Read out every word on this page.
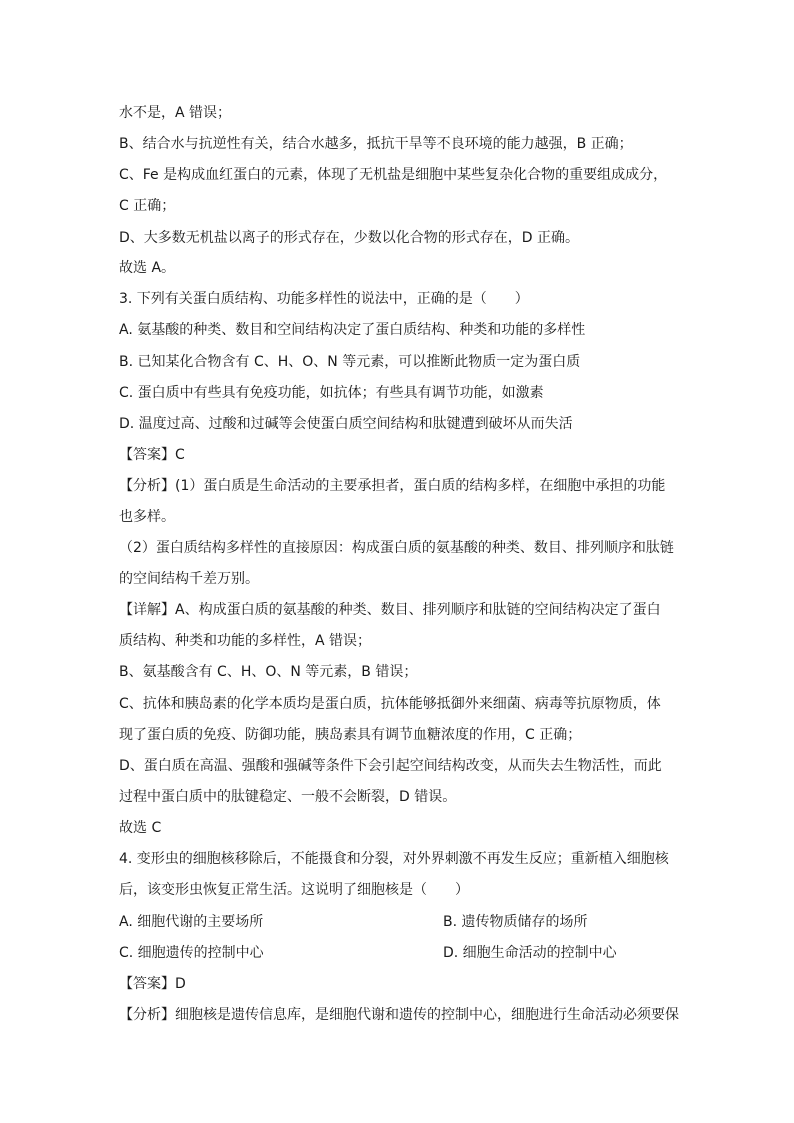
水不是，A 错误；
B、结合水与抗逆性有关，结合水越多，抵抗干旱等不良环境的能力越强，B 正确；
C、Fe 是构成血红蛋白的元素，体现了无机盐是细胞中某些复杂化合物的重要组成成分，
C 正确；
D、大多数无机盐以离子的形式存在，少数以化合物的形式存在，D 正确。
故选 A。
3. 下列有关蛋白质结构、功能多样性的说法中，正确的是（　　）
A. 氨基酸的种类、数目和空间结构决定了蛋白质结构、种类和功能的多样性
B. 已知某化合物含有 C、H、O、N 等元素，可以推断此物质一定为蛋白质
C. 蛋白质中有些具有免疫功能，如抗体；有些具有调节功能，如激素
D. 温度过高、过酸和过碱等会使蛋白质空间结构和肽键遭到破坏从而失活
【答案】C
【分析】(1）蛋白质是生命活动的主要承担者，蛋白质的结构多样，在细胞中承担的功能
也多样。
（2）蛋白质结构多样性的直接原因：构成蛋白质的氨基酸的种类、数目、排列顺序和肽链
的空间结构千差万别。
【详解】A、构成蛋白质的氨基酸的种类、数目、排列顺序和肽链的空间结构决定了蛋白
质结构、种类和功能的多样性，A 错误；
B、氨基酸含有 C、H、O、N 等元素，B 错误；
C、抗体和胰岛素的化学本质均是蛋白质，抗体能够抵御外来细菌、病毒等抗原物质，体
现了蛋白质的免疫、防御功能，胰岛素具有调节血糖浓度的作用，C 正确；
D、蛋白质在高温、强酸和强碱等条件下会引起空间结构改变，从而失去生物活性，而此
过程中蛋白质中的肽键稳定、一般不会断裂，D 错误。
故选 C
4. 变形虫的细胞核移除后，不能摄食和分裂，对外界刺激不再发生反应；重新植入细胞核
后，该变形虫恢复正常生活。这说明了细胞核是（　　）
A. 细胞代谢的主要场所	B. 遗传物质储存的场所
C. 细胞遗传的控制中心	D. 细胞生命活动的控制中心
【答案】D
【分析】细胞核是遗传信息库，是细胞代谢和遗传的控制中心，细胞进行生命活动必须要保
